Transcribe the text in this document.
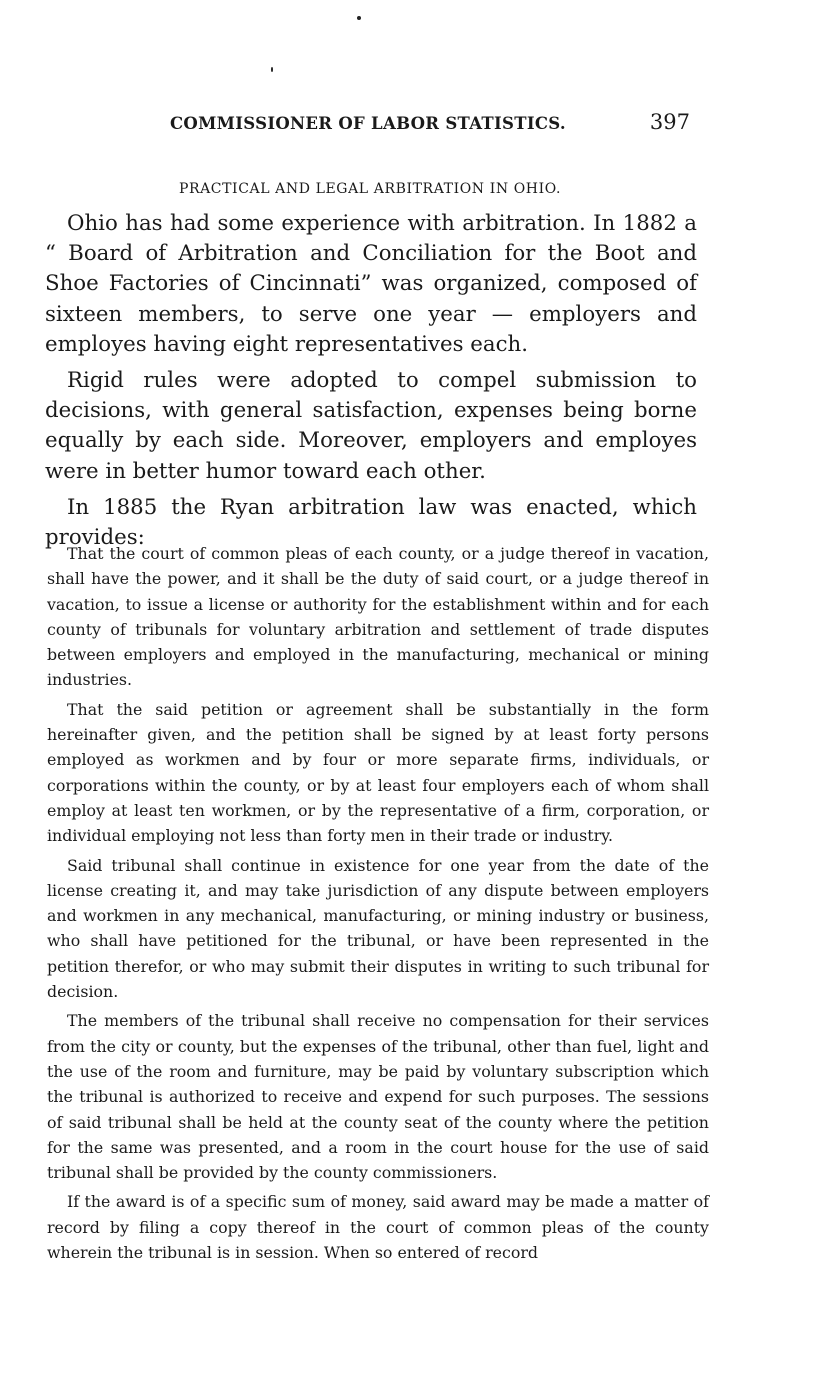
COMMISSIONER OF LABOR STATISTICS.	397
PRACTICAL AND LEGAL ARBITRATION IN OHIO.

Ohio has had some experience with arbitration. In 1882 a “ Board of Arbitration and Conciliation for the Boot and Shoe Factories of Cincinnati” was organized, composed of sixteen members, to serve one year — employers and employes having eight representatives each.

Rigid rules were adopted to compel submission to decisions, with general satisfaction, expenses being borne equally by each side. Moreover, employers and employes were in better humor toward each other.

In 1885 the Ryan arbitration law was enacted, which provides:

That the court of common pleas of each county, or a judge thereof in vacation, shall have the power, and it shall be the duty of said court, or a judge thereof in vacation, to issue a license or authority for the establishment within and for each county of tribunals for voluntary arbitration and settlement of trade disputes between employers and employed in the manufacturing, mechanical or mining industries.

That the said petition or agreement shall be substantially in the form hereinafter given, and the petition shall be signed by at least forty persons employed as workmen and by four or more separate firms, individuals, or corporations within the county, or by at least four employers each of whom shall employ at least ten workmen, or by the representative of a firm, corporation, or individual employing not less than forty men in their trade or industry.

Said tribunal shall continue in existence for one year from the date of the license creating it, and may take jurisdiction of any dispute between employers and workmen in any mechanical, manufacturing, or mining industry or business, who shall have petitioned for the tribunal, or have been represented in the petition therefor, or who may submit their disputes in writing to such tribunal for decision.

The members of the tribunal shall receive no compensation for their services from the city or county, but the expenses of the tribunal, other than fuel, light and the use of the room and furniture, may be paid by voluntary subscription which the tribunal is authorized to receive and expend for such purposes. The sessions of said tribunal shall be held at the county seat of the county where the petition for the same was presented, and a room in the court house for the use of said tribunal shall be provided by the county commissioners.

If the award is of a specific sum of money, said award may be made a matter of record by filing a copy thereof in the court of common pleas of the county wherein the tribunal is in session. When so entered of record
